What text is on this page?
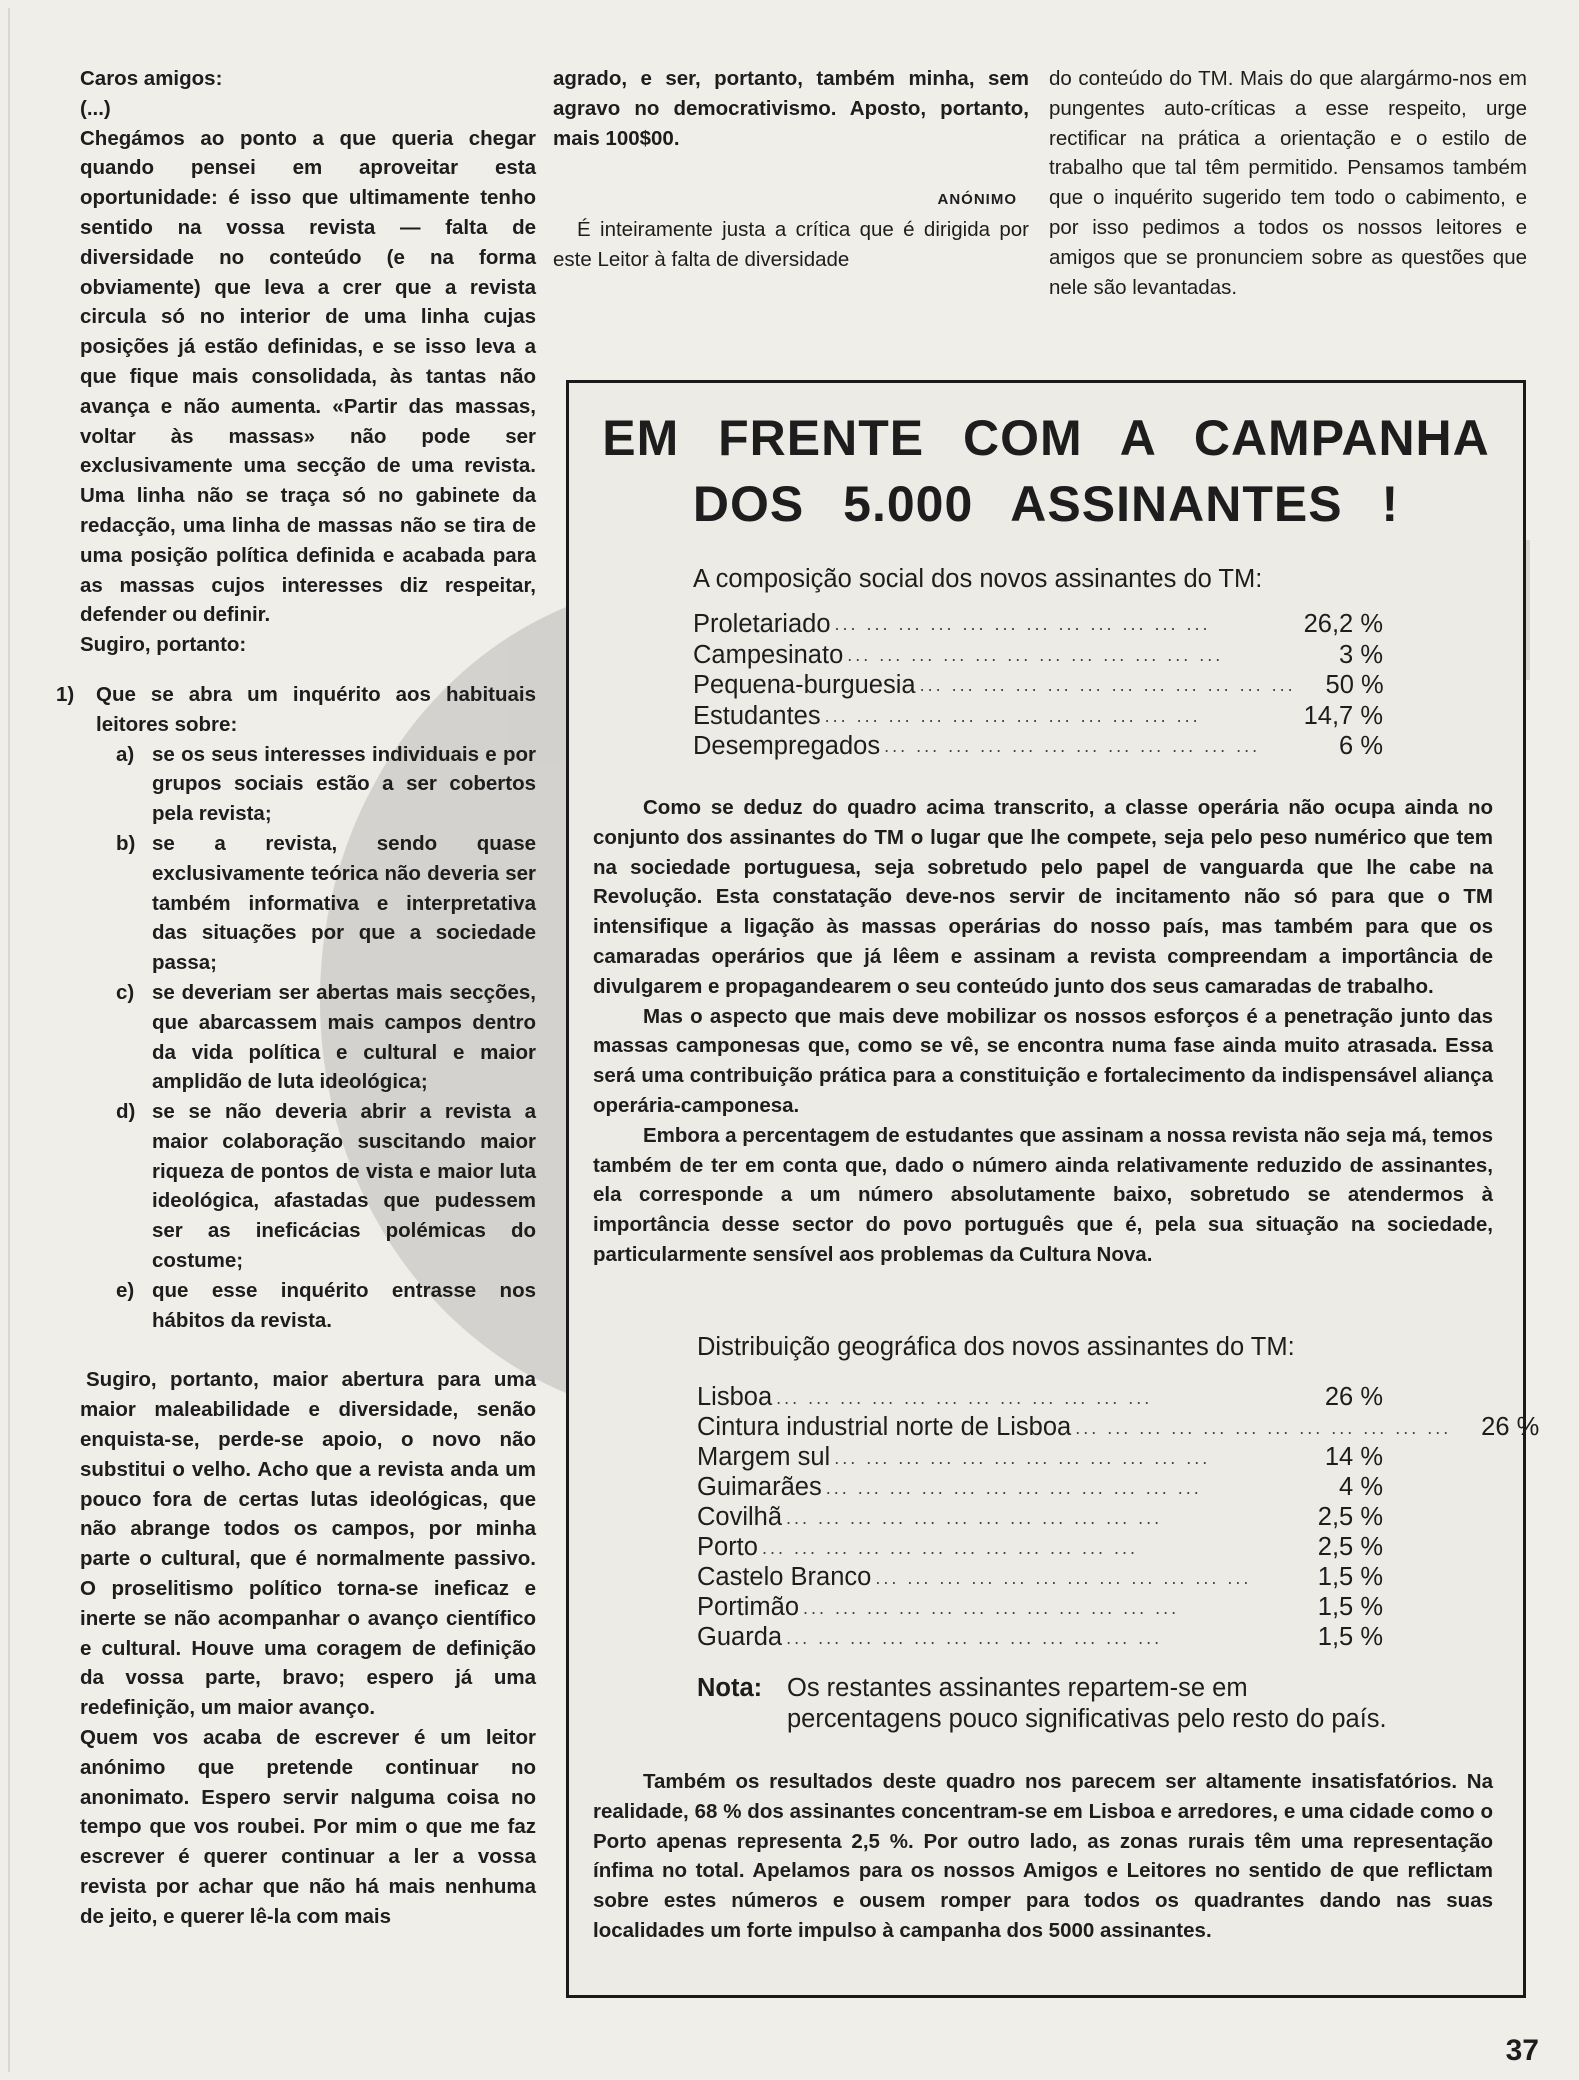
Caros amigos:

(...)

Chegámos ao ponto a que queria chegar quando pensei em aproveitar esta oportunidade: é isso que ultimamente tenho sentido na vossa revista — falta de diversidade no conteúdo (e na forma obviamente) que leva a crer que a revista circula só no interior de uma linha cujas posições já estão definidas, e se isso leva a que fique mais consolidada, às tantas não avança e não aumenta. «Partir das massas, voltar às massas» não pode ser exclusivamente uma secção de uma revista. Uma linha não se traça só no gabinete da redacção, uma linha de massas não se tira de uma posição política definida e acabada para as massas cujos interesses diz respeitar, defender ou definir.

Sugiro, portanto:

1)	Que se abra um inquérito aos habituais leitores sobre:
a) se os seus interesses individuais e por grupos sociais estão a ser cobertos pela revista;
b) se a revista, sendo quase exclusivamente teórica não deveria ser também informativa e interpretativa das situações por que a sociedade passa;
c) se deveriam ser abertas mais secções, que abarcassem mais campos dentro da vida política e cultural e maior amplidão de luta ideológica;
d) se se não deveria abrir a revista a maior colaboração suscitando maior riqueza de pontos de vista e maior luta ideológica, afastadas que pudessem ser as ineficácias polémicas do costume;
e) que esse inquérito entrasse nos hábitos da revista.

Sugiro, portanto, maior abertura para uma maior maleabilidade e diversidade, senão enquista-se, perde-se apoio, o novo não substitui o velho. Acho que a revista anda um pouco fora de certas lutas ideológicas, que não abrange todos os campos, por minha parte o cultural, que é normalmente passivo. O proselitismo político torna-se ineficaz e inerte se não acompanhar o avanço científico e cultural. Houve uma coragem de definição da vossa parte, bravo; espero já uma redefinição, um maior avanço.

Quem vos acaba de escrever é um leitor anónimo que pretende continuar no anonimato. Espero servir nalguma coisa no tempo que vos roubei. Por mim o que me faz escrever é querer continuar a ler a vossa revista por achar que não há mais nenhuma de jeito, e querer lê-la com mais

agrado, e ser, portanto, também minha, sem agravo no democrativismo. Aposto, portanto, mais 100$00.

ANÓNIMO

É inteiramente justa a crítica que é dirigida por este Leitor à falta de diversidade

do conteúdo do TM. Mais do que alargármo-nos em pungentes auto-críticas a esse respeito, urge rectificar na prática a orientação e o estilo de trabalho que tal têm permitido. Pensamos também que o inquérito sugerido tem todo o cabimento, e por isso pedimos a todos os nossos leitores e amigos que se pronunciem sobre as questões que nele são levantadas.

EM FRENTE COM A CAMPANHA
DOS 5.000 ASSINANTES !
A composição social dos novos assinantes do TM:
Proletariado ... ... ... ... ... ... ... ... ... ... ... ...	26,2 %
Campesinato ... ... ... ... ... ... ... ... ... ... ... ...	3 %
Pequena-burguesia ... ... ... ... ... ... ... ... ... ... ... ...	50 %
Estudantes ... ... ... ... ... ... ... ... ... ... ... ...	14,7 %
Desempregados ... ... ... ... ... ... ... ... ... ... ... ...	6 %

Como se deduz do quadro acima transcrito, a classe operária não ocupa ainda no conjunto dos assinantes do TM o lugar que lhe compete, seja pelo peso numérico que tem na sociedade portuguesa, seja sobretudo pelo papel de vanguarda que lhe cabe na Revolução. Esta constatação deve-nos servir de incitamento não só para que o TM intensifique a ligação às massas operárias do nosso país, mas também para que os camaradas operários que já lêem e assinam a revista compreendam a importância de divulgarem e propagandearem o seu conteúdo junto dos seus camaradas de trabalho.

Mas o aspecto que mais deve mobilizar os nossos esforços é a penetração junto das massas camponesas que, como se vê, se encontra numa fase ainda muito atrasada. Essa será uma contribuição prática para a constituição e fortalecimento da indispensável aliança operária-camponesa.

Embora a percentagem de estudantes que assinam a nossa revista não seja má, temos também de ter em conta que, dado o número ainda relativamente reduzido de assinantes, ela corresponde a um número absolutamente baixo, sobretudo se atendermos à importância desse sector do povo português que é, pela sua situação na sociedade, particularmente sensível aos problemas da Cultura Nova.

Distribuição geográfica dos novos assinantes do TM:
Lisboa ... ... ... ... ... ... ... ... ... ... ... ...	26 %
Cintura industrial norte de Lisboa ... ... ... ... ... ... ... ... ... ... ... ...	26 %
Margem sul ... ... ... ... ... ... ... ... ... ... ... ...	14 %
Guimarães ... ... ... ... ... ... ... ... ... ... ... ...	4 %
Covilhã ... ... ... ... ... ... ... ... ... ... ... ...	2,5 %
Porto ... ... ... ... ... ... ... ... ... ... ... ...	2,5 %
Castelo Branco ... ... ... ... ... ... ... ... ... ... ... ...	1,5 %
Portimão ... ... ... ... ... ... ... ... ... ... ... ...	1,5 %
Guarda ... ... ... ... ... ... ... ... ... ... ... ...	1,5 %
Nota: Os restantes assinantes repartem-se em percentagens pouco significativas pelo resto do país.

Também os resultados deste quadro nos parecem ser altamente insatisfatórios. Na realidade, 68 % dos assinantes concentram-se em Lisboa e arredores, e uma cidade como o Porto apenas representa 2,5 %. Por outro lado, as zonas rurais têm uma representação ínfima no total. Apelamos para os nossos Amigos e Leitores no sentido de que reflictam sobre estes números e ousem romper para todos os quadrantes dando nas suas localidades um forte impulso à campanha dos 5000 assinantes.

37
